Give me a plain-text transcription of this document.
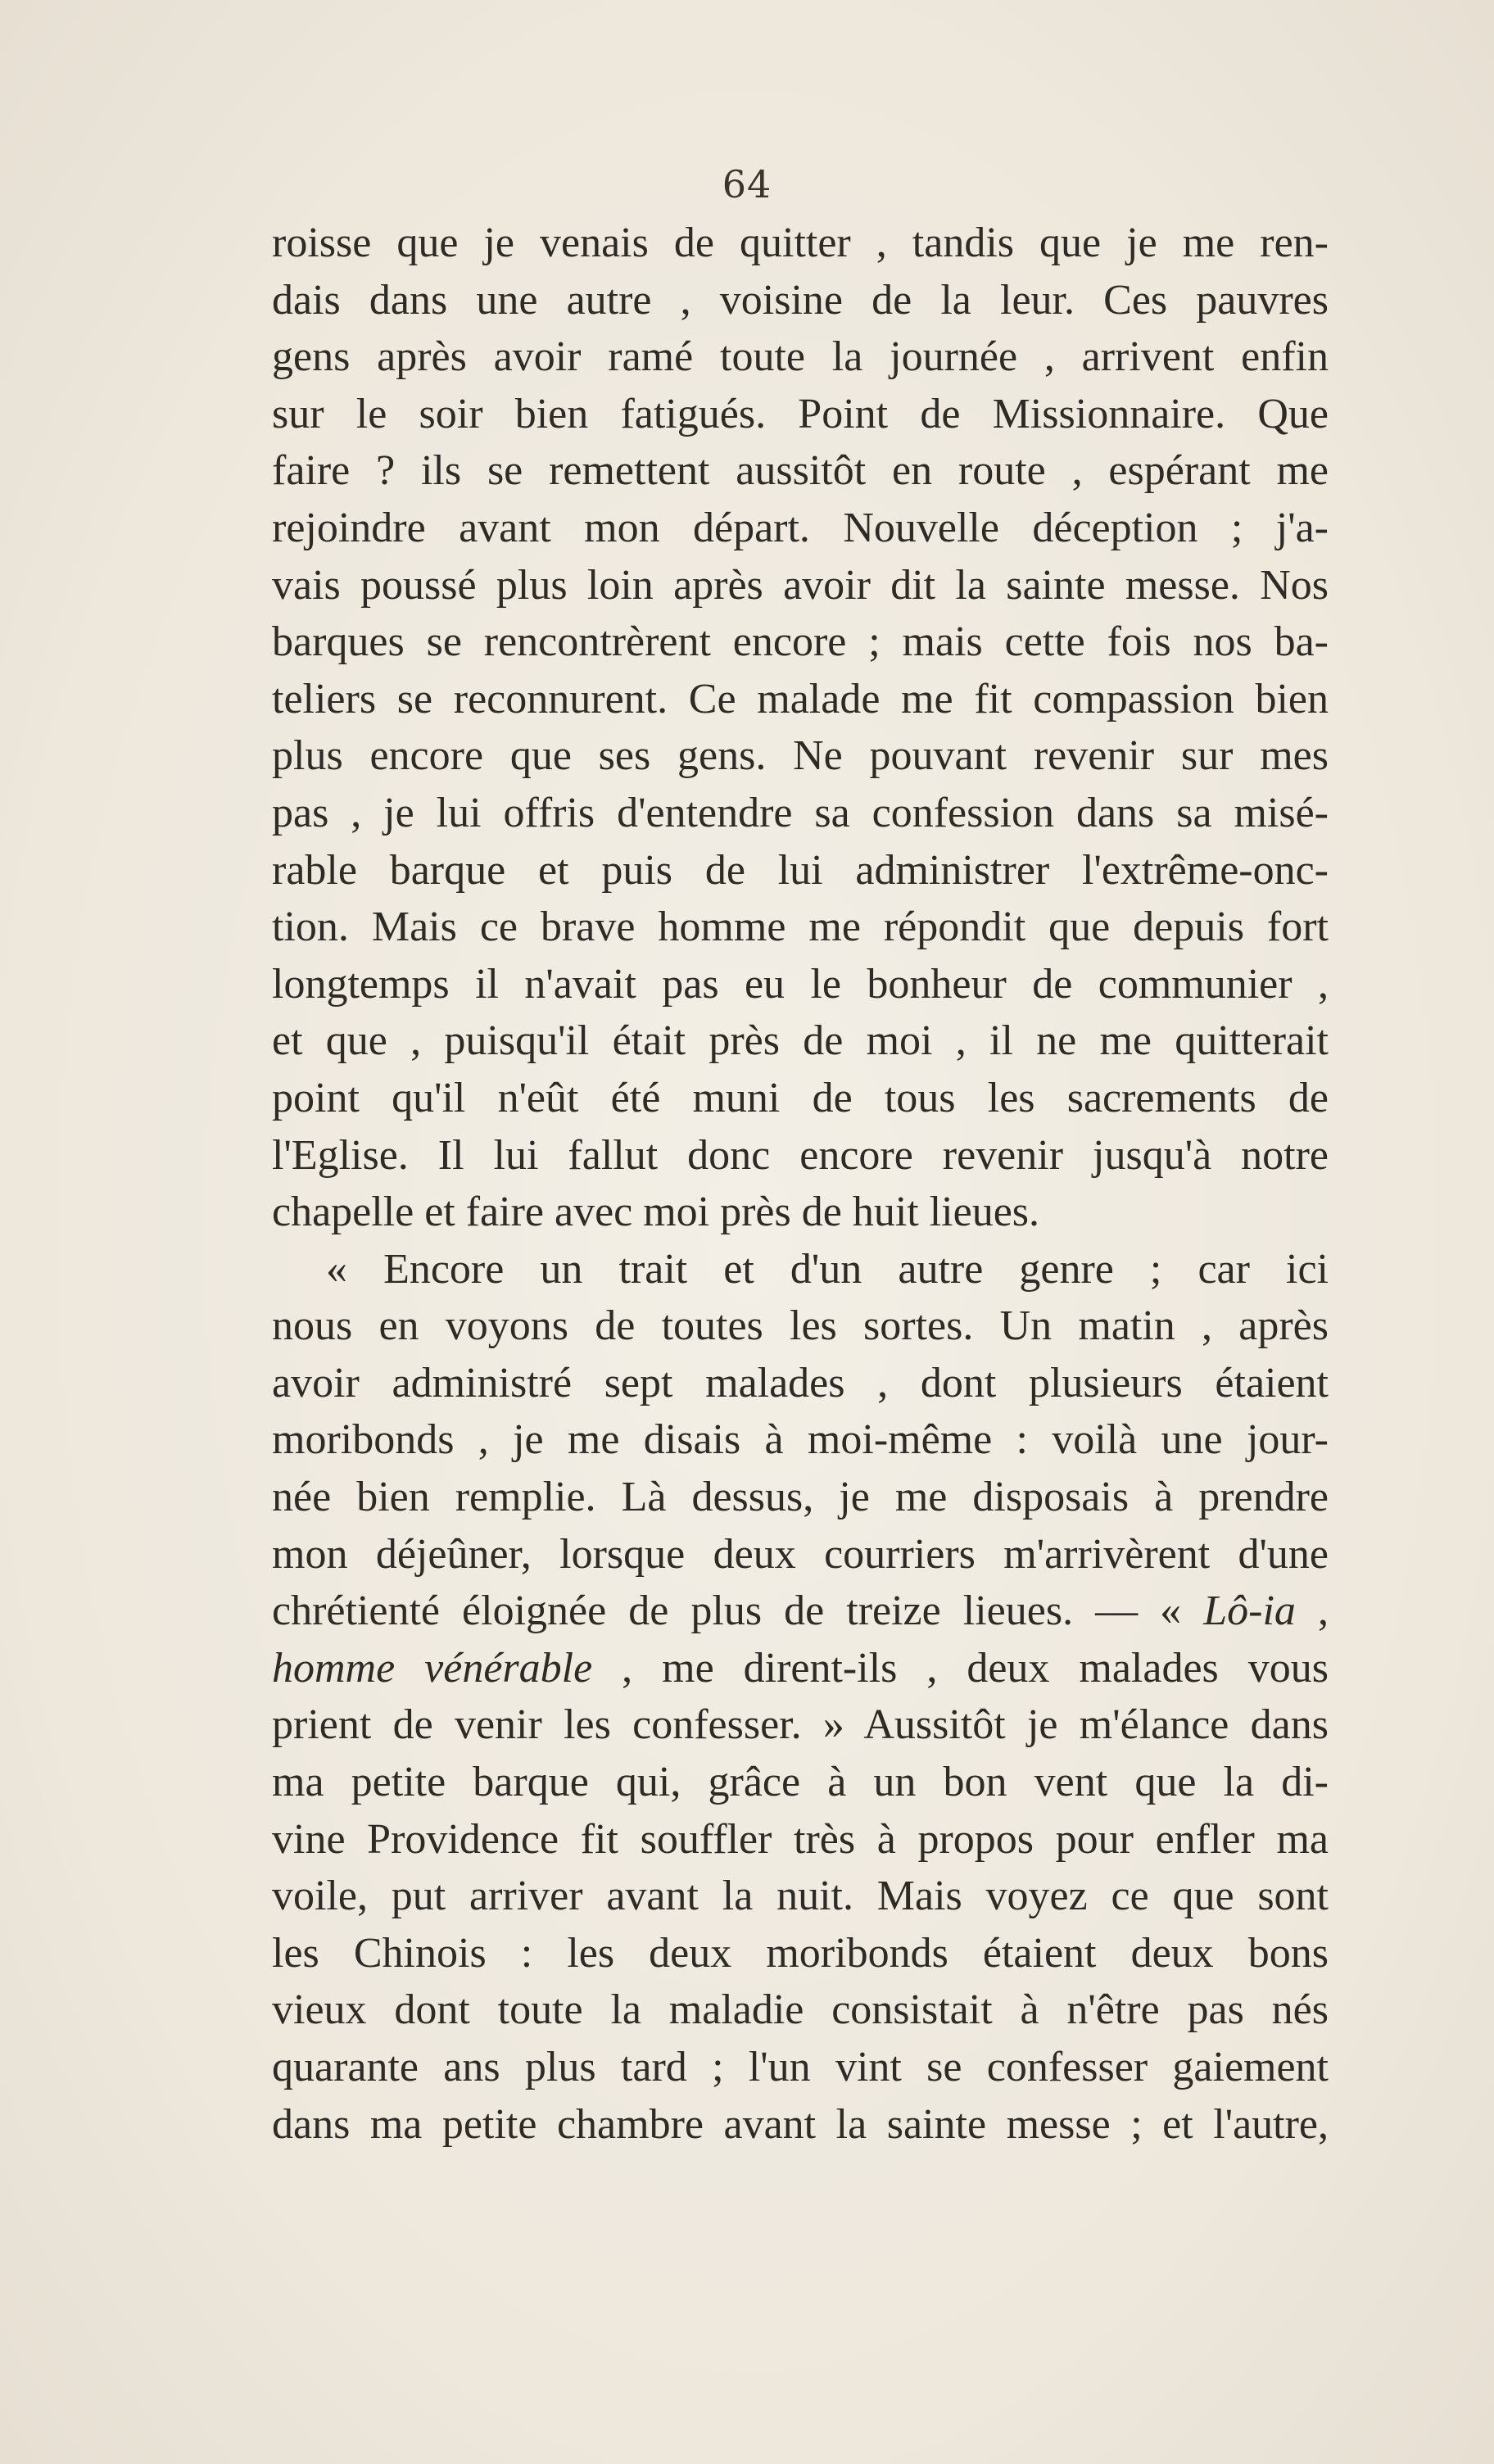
64
roisse que je venais de quitter , tandis que je me ren-
dais dans une autre , voisine de la leur. Ces pauvres
gens après avoir ramé toute la journée , arrivent enfin
sur le soir bien fatigués. Point de Missionnaire. Que
faire ? ils se remettent aussitôt en route , espérant me
rejoindre avant mon départ. Nouvelle déception ; j'a-
vais poussé plus loin après avoir dit la sainte messe. Nos
barques se rencontrèrent encore ; mais cette fois nos ba-
teliers se reconnurent. Ce malade me fit compassion bien
plus encore que ses gens. Ne pouvant revenir sur mes
pas , je lui offris d'entendre sa confession dans sa misé-
rable barque et puis de lui administrer l'extrême-onc-
tion. Mais ce brave homme me répondit que depuis fort
longtemps il n'avait pas eu le bonheur de communier ,
et que , puisqu'il était près de moi , il ne me quitterait
point qu'il n'eût été muni de tous les sacrements de
l'Eglise. Il lui fallut donc encore revenir jusqu'à notre
chapelle et faire avec moi près de huit lieues.
« Encore un trait et d'un autre genre ; car ici
nous en voyons de toutes les sortes. Un matin , après
avoir administré sept malades , dont plusieurs étaient
moribonds , je me disais à moi-même : voilà une jour-
née bien remplie. Là dessus, je me disposais à prendre
mon déjeûner, lorsque deux courriers m'arrivèrent d'une
chrétienté éloignée de plus de treize lieues. — « Lô-ia ,
homme vénérable , me dirent-ils , deux malades vous
prient de venir les confesser. » Aussitôt je m'élance dans
ma petite barque qui, grâce à un bon vent que la di-
vine Providence fit souffler très à propos pour enfler ma
voile, put arriver avant la nuit. Mais voyez ce que sont
les Chinois : les deux moribonds étaient deux bons
vieux dont toute la maladie consistait à n'être pas nés
quarante ans plus tard ; l'un vint se confesser gaiement
dans ma petite chambre avant la sainte messe ; et l'autre,
